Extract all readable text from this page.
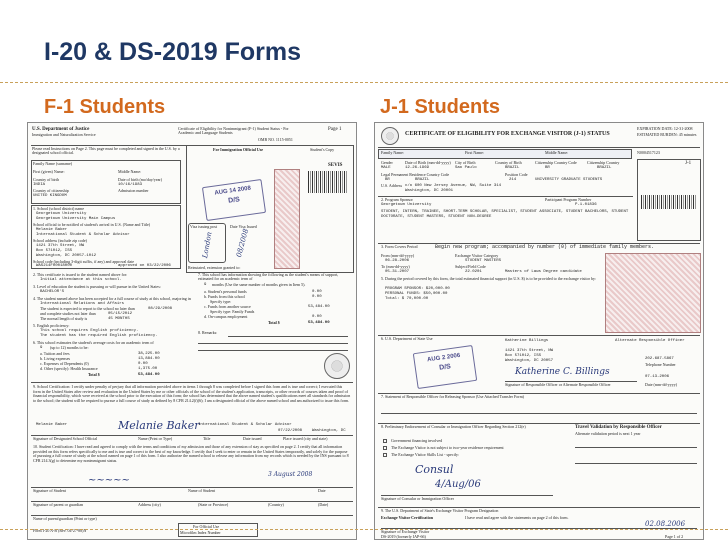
I-20 & DS-2019 Forms
F-1 Students	J-1 Students
U.S. Department of Justice
Immigration and Naturalization Service
Certificate of Eligibility for Nonimmigrant (F-1) Student Status - For Academic and Language Students
Page 1
OMB NO. 1115-0051
Please read Instructions on Page 2. This page must be completed and signed in the U.S. by a designated school official.
Family Name (surname)
First (given) Name:	Middle Name:
Country of birth
INDIA
Date of birth (mo/day/year)
10/16/1983
Country of citizenship
UNITED KINGDOM
Admission number
1. School (school district) name
Georgetown University
Georgetown University Main Campus
School official to be notified of student's arrival in U.S. (Name and Title)
Melanie Baker
International Student & Scholar Advisor
School address (include zip code)
1421 37th Street, NW
Box 571012, ISS
Washington, DC 20057-1012
School code (including 3-digit suffix, if any) and approval date
WAS214F00018000	approved on 03/22/2006
For Immigration Official Use	Student's Copy
SEVIS
AUG 14 2008
D/S
Visa issuing post	Date Visa Issued
London	08/2008
Reinstated, extension granted to:
2. This certificate is issued to the student named above for:
Initial attendance at this school.
3. Level of education the student is pursuing or will pursue in the United States:
BACHELOR'S
4. The student named above has been accepted for a full course of study at this school, majoring in
International Relations and Affairs
The student is expected to report to the school no later than	08/29/2008
and complete studies not later than	05/15/2012
The normal length of study is	45 MONTHS
5. English proficiency:
This school requires English proficiency.
The student has the required English proficiency.
6. This school estimates the student's average costs for an academic term of
9 (up to 12) months to be:
a. Tuition and fees	38,225.00
b. Living expenses	13,884.00
c. Expenses of Dependents (0)	0.00
d. Other (specify): Health Insurance	1,375.00
Total $	53,484.00
7. This school has information showing the following as the student's means of support, estimated for an academic term of
9 months (Use the same number of months given in Item 5).
a. Student's personal funds	0.00
b. Funds from this school	0.00
Specify type:
c. Funds from another source	53,484.00
Specify type: Family Funds
d. On-campus employment	0.00
Total $	53,484.00
8. Remarks:
9. School Certification: I certify under penalty of perjury that all information provided above in items 1 through 8 was completed before I signed this form and is true and correct; I executed this form in the United States after review and evaluation in the United States by me or other officials of the school of the student's application, transcripts, or other records of courses taken and proof of financial responsibility, which were received at the school prior to the execution of this form; the school has determined that the above named student's qualifications meet all standards for admission to the school; the student will be required to pursue a full course of study as defined by 8 CFR 214.2(f)(6); I am a designated official of the above named school and am authorized to issue this form.
Melanie Baker
Melanie Baker	International Student & Scholar Advisor
07/22/2008 Washington, DC
Signature of Designated School Official	Name (Print or Type)	Title	Date issued	Place issued (city and state)
10. Student Certification: I have read and agreed to comply with the terms and conditions of my admission and those of any extension of stay as specified on page 2. I certify that all information provided on this form refers specifically to me and is true and correct to the best of my knowledge. I certify that I seek to enter or remain in the United States temporarily, and solely for the purpose of pursuing a full course of study at the school named on page 1 of this form. I also authorize the named school to release any information from my records which is needed by the INS pursuant to 8 CFR 214.3(g) to determine my nonimmigrant status.
3 August 2008
~~~~~
Signature of Student	Name of Student	Date
Signature of parent or guardian	Address (city)	(State or Province)	(Country)	(Date)
Name of parent/guardian (Print or type)
Form I-20 A-B (Rev. 04-27-88)N
For Official Use
Microfilm Index Number
CERTIFICATE OF ELIGIBILITY FOR EXCHANGE VISITOR (J-1) STATUS
EXPIRATION DATE: 12-31-2008
ESTIMATED BURDEN: 45 minutes
Family Name:	First Name:	Middle Name:	N0004517123
Gender
MALE
Date of Birth (mm-dd-yyyy)
12-26-1969
City of Birth
Sao Paulo
Country of Birth
BRAZIL
Citizenship Country Code
BR
Citizenship Country
BRAZIL
Legal Permanent Residence Country Code
BR	BRAZIL
Position Code
214	UNIVERSITY GRADUATE STUDENTS
U.S. Address c/o 600 New Jersey Avenue, NW, Suite 314
Washington, DC 20001
J-1
2. Program Sponsor
Georgetown University
Participant Program Number
P-1-01836
STUDENT, INTERN, TRAINEE, SHORT-TERM SCHOLAR, SPECIALIST, STUDENT ASSOCIATE, STUDENT BACHELORS, STUDENT DOCTORATE, STUDENT MASTERS, STUDENT NON-DEGREE
3. Form Covers Period	Begin new program; accompanied by number (0) of immediate family members.
From (mm-dd-yyyy)
06-28-2006
To (mm-dd-yyyy)
05-31-2007
Exchange Visitor Category
STUDENT MASTERS
Subject/Field Code
22.0201	Masters of Laws Degree candidate
5. During the period covered by this form, the total estimated financial support (in U.S. $) is to be provided to the exchange visitor by:
PROGRAM SPONSOR: $20,000.00
PERSONAL FUNDS: $50,000.00
Total: $ 70,000.00
6. U.S. Department of State Use
AUG 2 2006
D/S
Katherine Billings	Alternate Responsible Officer
1421 37th Street, NW
Box 571012, ISS
Washington, DC 20057	202-687-5867
Telephone Number
Katherine C. Billings	07-13-2006
Signature of Responsible Officer or Alternate Responsible Officer	Date (mm-dd-yyyy)
7. Statement of Responsible Officer for Releasing Sponsor (Use Attached Transfer Form)
8. Preliminary Endorsement of Consular or Immigration Officer Regarding Section 212(e)
Government financing involved
The Exchange Visitor is not subject to two-year residence requirement
The Exchange Visitor Skills List - specify:
Travel Validation by Responsible Officer
Alternate validation period is next 1 year
Consul
4/Aug/06
Signature of Consular or Immigration Officer
9. The U.S. Department of State's Exchange Visitor Program Designation
Exchange Visitor Certification	I have read and agree with the statements on page 2 of this form.
02.08.2006
Signature of Exchange Visitor
DS-2019 (formerly IAP-66)	Page 1 of 2
